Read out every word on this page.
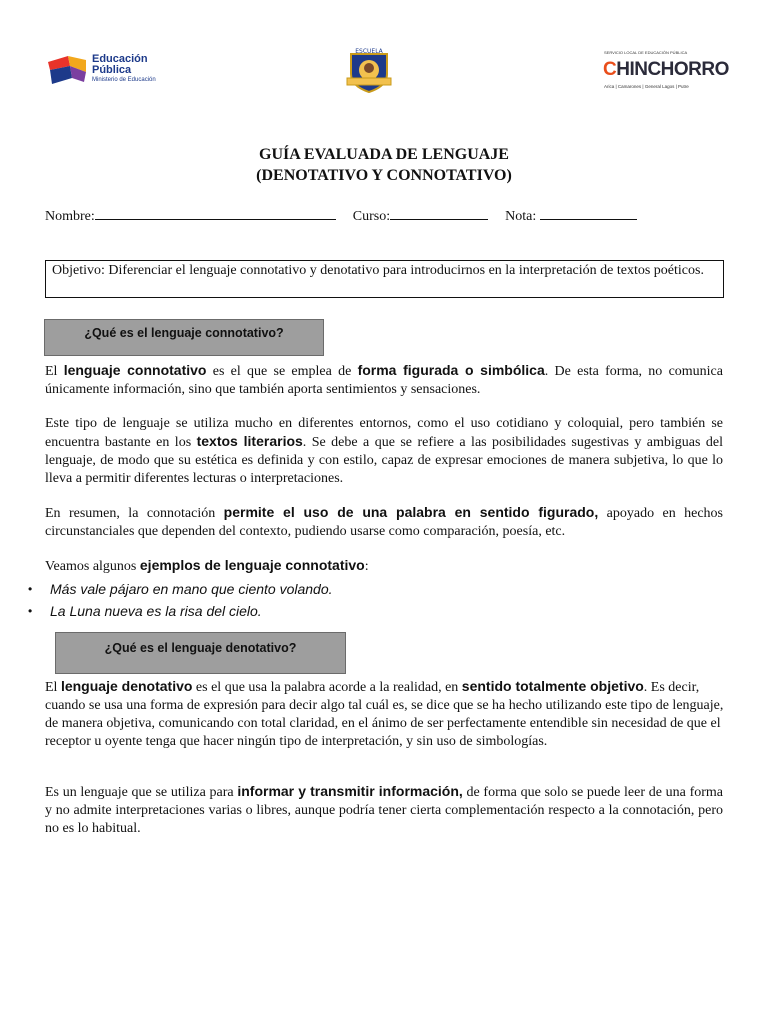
Educación
Pública
Ministerio de Educación
ESCUELA	SERVICIO LOCAL DE EDUCACIÓN PÚBLICA
CHINCHORRO
Arica | Camarones | General Lagos | Putre
GUÍA EVALUADA DE LENGUAJE
(DENOTATIVO Y CONNOTATIVO)
Nombre:	Curso:	Nota:
Objetivo: Diferenciar el lenguaje connotativo y denotativo para introducirnos en la interpretación de textos poéticos.
¿Qué es el lenguaje connotativo?

El lenguaje connotativo es el que se emplea de forma figurada o simbólica. De esta forma, no comunica únicamente información, sino que también aporta sentimientos y sensaciones.

Este tipo de lenguaje se utiliza mucho en diferentes entornos, como el uso cotidiano y coloquial, pero también se encuentra bastante en los textos literarios. Se debe a que se refiere a las posibilidades sugestivas y ambiguas del lenguaje, de modo que su estética es definida y con estilo, capaz de expresar emociones de manera subjetiva, lo que lo lleva a permitir diferentes lecturas o interpretaciones.

En resumen, la connotación permite el uso de una palabra en sentido figurado, apoyado en hechos circunstanciales que dependen del contexto, pudiendo usarse como comparación, poesía, etc.

Veamos algunos ejemplos de lenguaje connotativo:

• Más vale pájaro en mano que ciento volando.
• La Luna nueva es la risa del cielo.
¿Qué es el lenguaje denotativo?

El lenguaje denotativo es el que usa la palabra acorde a la realidad, en sentido totalmente objetivo. Es decir, cuando se usa una forma de expresión para decir algo tal cuál es, se dice que se ha hecho utilizando este tipo de lenguaje, de manera objetiva, comunicando con total claridad, en el ánimo de ser perfectamente entendible sin necesidad de que el receptor u oyente tenga que hacer ningún tipo de interpretación, y sin uso de simbologías.

Es un lenguaje que se utiliza para informar y transmitir información, de forma que solo se puede leer de una forma y no admite interpretaciones varias o libres, aunque podría tener cierta complementación respecto a la connotación, pero no es lo habitual.
